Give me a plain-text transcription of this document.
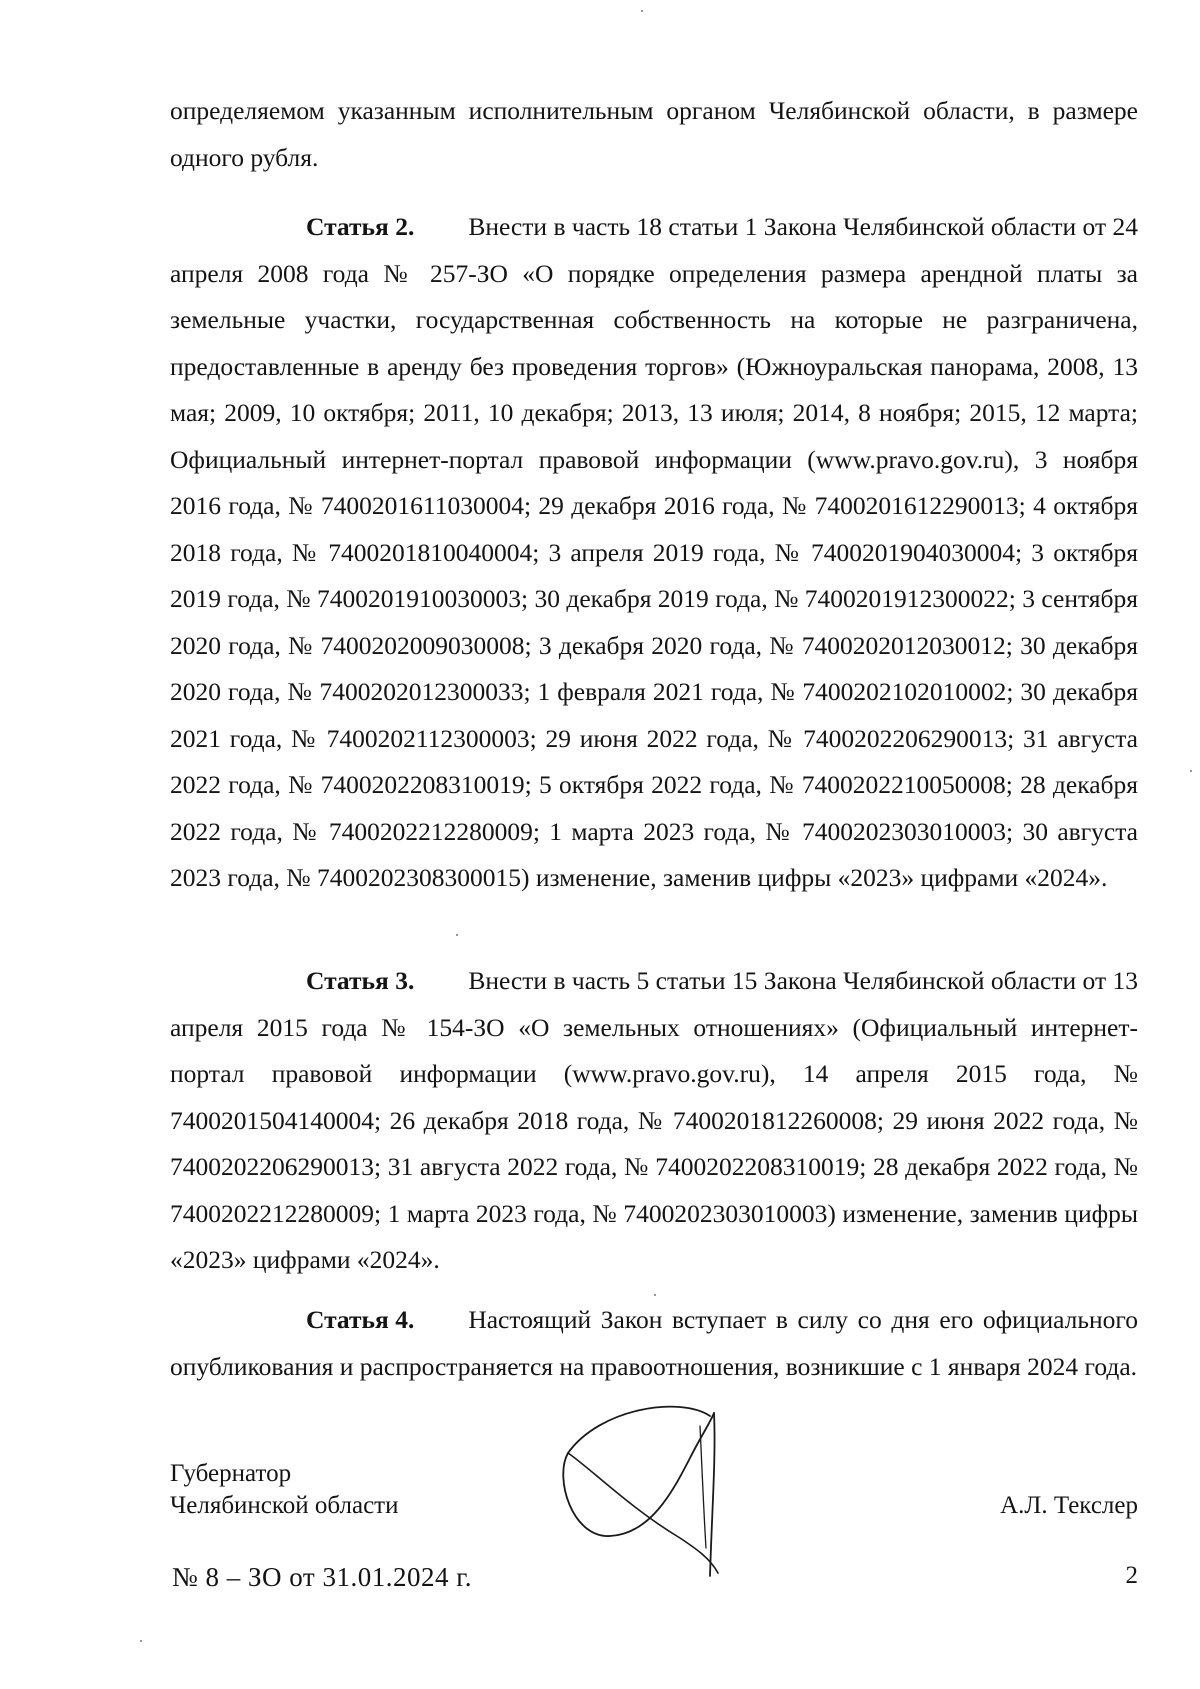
определяемом указанным исполнительным органом Челябинской области, в размере одного рубля.

Статья 2. Внести в часть 18 статьи 1 Закона Челябинской области от 24 апреля 2008 года № 257-ЗО «О порядке определения размера арендной платы за земельные участки, государственная собственность на которые не разграничена, предоставленные в аренду без проведения торгов» (Южноуральская панорама, 2008, 13 мая; 2009, 10 октября; 2011, 10 декабря; 2013, 13 июля; 2014, 8 ноября; 2015, 12 марта; Официальный интернет-портал правовой информации (www.pravo.gov.ru), 3 ноября 2016 года, № 7400201611030004; 29 декабря 2016 года, № 7400201612290013; 4 октября 2018 года, № 7400201810040004; 3 апреля 2019 года, № 7400201904030004; 3 октября 2019 года, № 7400201910030003; 30 декабря 2019 года, № 7400201912300022; 3 сентября 2020 года, № 7400202009030008; 3 декабря 2020 года, № 7400202012030012; 30 декабря 2020 года, № 7400202012300033; 1 февраля 2021 года, № 7400202102010002; 30 декабря 2021 года, № 7400202112300003; 29 июня 2022 года, № 7400202206290013; 31 августа 2022 года, № 7400202208310019; 5 октября 2022 года, № 7400202210050008; 28 декабря 2022 года, № 7400202212280009; 1 марта 2023 года, № 7400202303010003; 30 августа 2023 года, № 7400202308300015) изменение, заменив цифры «2023» цифрами «2024».

Статья 3. Внести в часть 5 статьи 15 Закона Челябинской области от 13 апреля 2015 года № 154-ЗО «О земельных отношениях» (Официальный интернет-портал правовой информации (www.pravo.gov.ru), 14 апреля 2015 года, № 7400201504140004; 26 декабря 2018 года, № 7400201812260008; 29 июня 2022 года, № 7400202206290013; 31 августа 2022 года, № 7400202208310019; 28 декабря 2022 года, № 7400202212280009; 1 марта 2023 года, № 7400202303010003) изменение, заменив цифры «2023» цифрами «2024».

Статья 4. Настоящий Закон вступает в силу со дня его официального опубликования и распространяется на правоотношения, возникшие с 1 января 2024 года.

Губернатор
Челябинской области	А.Л. Текслер
№ 8 – ЗО от 31.01.2024 г.	2
